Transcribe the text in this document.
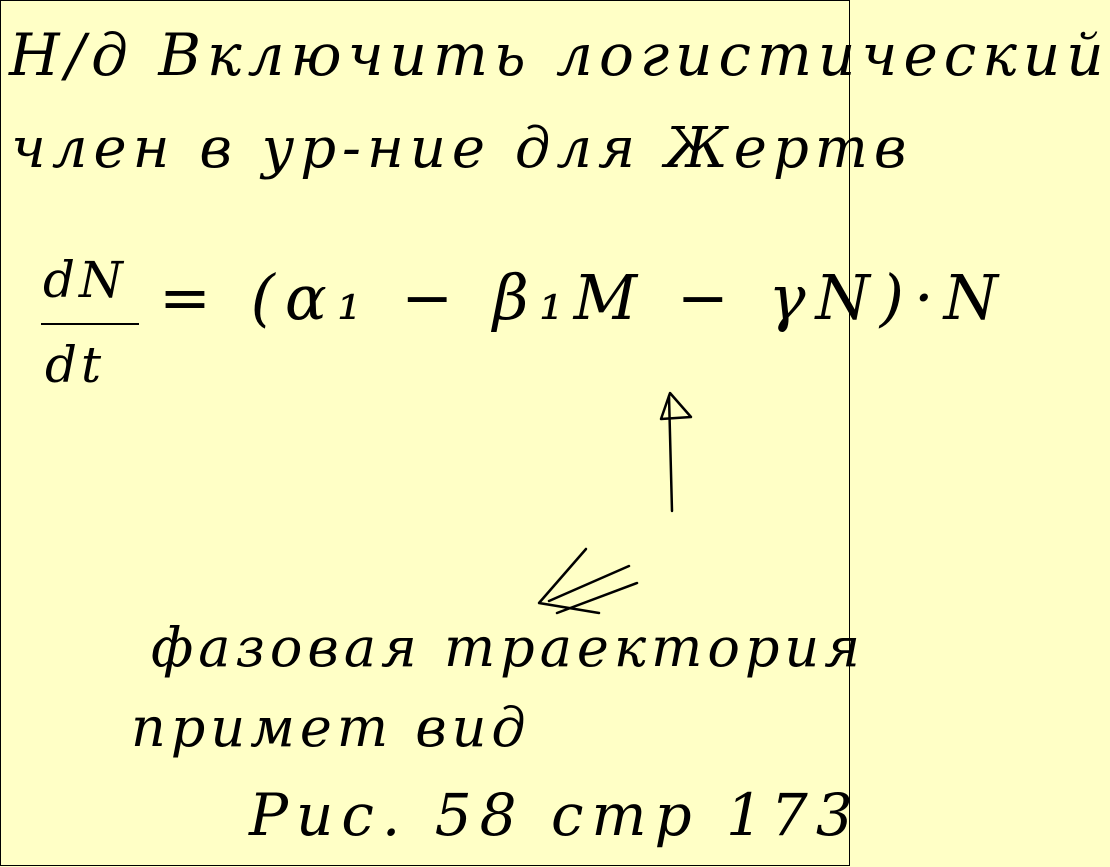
Н/д Включить логистический
член в ур-ние для Жертв
dN
dt
= (α₁ − β₁M − γN)·N
фазовая траектория
примет вид
Рис. 58 стр 173
